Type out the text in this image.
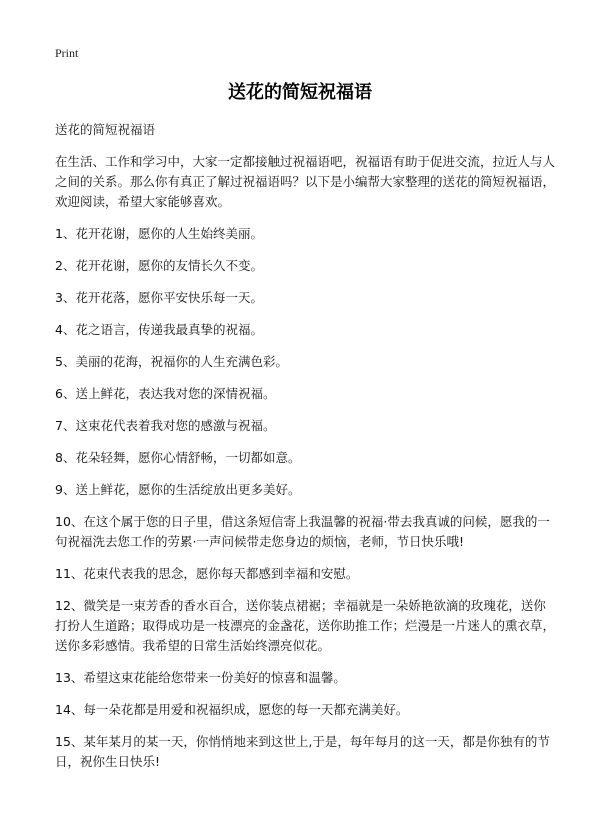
Print
送花的简短祝福语

送花的简短祝福语

在生活、工作和学习中，大家一定都接触过祝福语吧，祝福语有助于促进交流，拉近人与人之间的关系。那么你有真正了解过祝福语吗？以下是小编帮大家整理的送花的简短祝福语，欢迎阅读，希望大家能够喜欢。

1、花开花谢，愿你的人生始终美丽。
2、花开花谢，愿你的友情长久不变。
3、花开花落，愿你平安快乐每一天。
4、花之语言，传递我最真挚的祝福。
5、美丽的花海，祝福你的人生充满色彩。
6、送上鲜花，表达我对您的深情祝福。
7、这束花代表着我对您的感激与祝福。
8、花朵轻舞，愿你心情舒畅，一切都如意。
9、送上鲜花，愿你的生活绽放出更多美好。
10、在这个属于您的日子里，借这条短信寄上我温馨的祝福·带去我真诚的问候，愿我的一句祝福洗去您工作的劳累·一声问候带走您身边的烦恼，老师，节日快乐哦!
11、花束代表我的思念，愿你每天都感到幸福和安慰。
12、微笑是一束芳香的香水百合，送你装点裙裾；幸福就是一朵娇艳欲滴的玫瑰花，送你打扮人生道路；取得成功是一枝漂亮的金盏花，送你助推工作；烂漫是一片迷人的熏衣草，送你多彩感情。我希望的日常生活始终漂亮似花。
13、希望这束花能给您带来一份美好的惊喜和温馨。
14、每一朵花都是用爱和祝福织成，愿您的每一天都充满美好。
15、某年某月的某一天，你悄悄地来到这世上,于是，每年每月的这一天，都是你独有的节日，祝你生日快乐!
